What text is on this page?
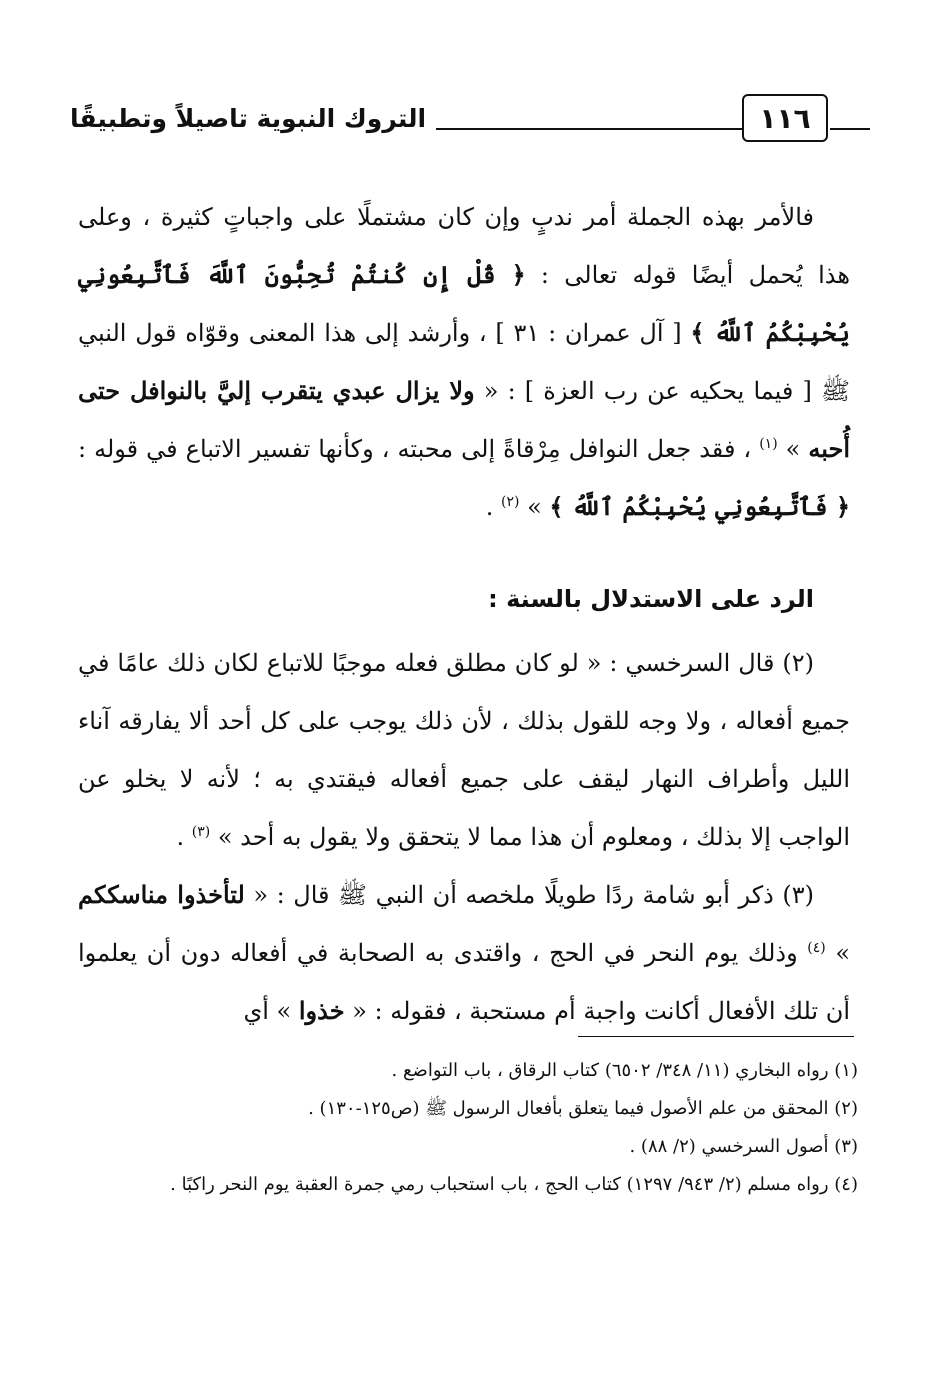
التروك النبوية تاصيلاً وتطبيقًا	١١٦

فالأمر بهذه الجملة أمر ندبٍ وإن كان مشتملًا على واجباتٍ كثيرة ، وعلى هذا يُحمل أيضًا قوله تعالى : ﴿ قُلْ إِن كُنتُمْ تُحِبُّونَ ٱللَّهَ فَٱتَّبِعُونِي يُحْبِبْكُمُ ٱللَّهُ ﴾ [ آل عمران : ٣١ ] ، وأرشد إلى هذا المعنى وقوّاه قول النبي ﷺ [ فيما يحكيه عن رب العزة ] : « ولا يزال عبدي يتقرب إليَّ بالنوافل حتى أُحبه » $^{(١)}$ ، فقد جعل النوافل مِرْقاةً إلى محبته ، وكأنها تفسير الاتباع في قوله : ﴿ فَٱتَّبِعُونِي يُحْبِبْكُمُ ٱللَّهُ ﴾ » $^{(٢)}$ .

الرد على الاستدلال بالسنة :

(٢) قال السرخسي : « لو كان مطلق فعله موجبًا للاتباع لكان ذلك عامًا في جميع أفعاله ، ولا وجه للقول بذلك ، لأن ذلك يوجب على كل أحد ألا يفارقه آناء الليل وأطراف النهار ليقف على جميع أفعاله فيقتدي به ؛ لأنه لا يخلو عن الواجب إلا بذلك ، ومعلوم أن هذا مما لا يتحقق ولا يقول به أحد » $^{(٣)}$ .

(٣) ذكر أبو شامة ردًا طويلًا ملخصه أن النبي ﷺ قال : « لتأخذوا مناسككم » $^{(٤)}$ وذلك يوم النحر في الحج ، واقتدى به الصحابة في أفعاله دون أن يعلموا أن تلك الأفعال أكانت واجبة أم مستحبة ، فقوله : « خذوا » أي

(١) رواه البخاري (١١/ ٣٤٨/ ٦٥٠٢) كتاب الرقاق ، باب التواضع .

(٢) المحقق من علم الأصول فيما يتعلق بأفعال الرسول ﷺ (ص١٢٥-١٣٠) .

(٣) أصول السرخسي (٢/ ٨٨) .

(٤) رواه مسلم (٢/ ٩٤٣/ ١٢٩٧) كتاب الحج ، باب استحباب رمي جمرة العقبة يوم النحر راكبًا .
